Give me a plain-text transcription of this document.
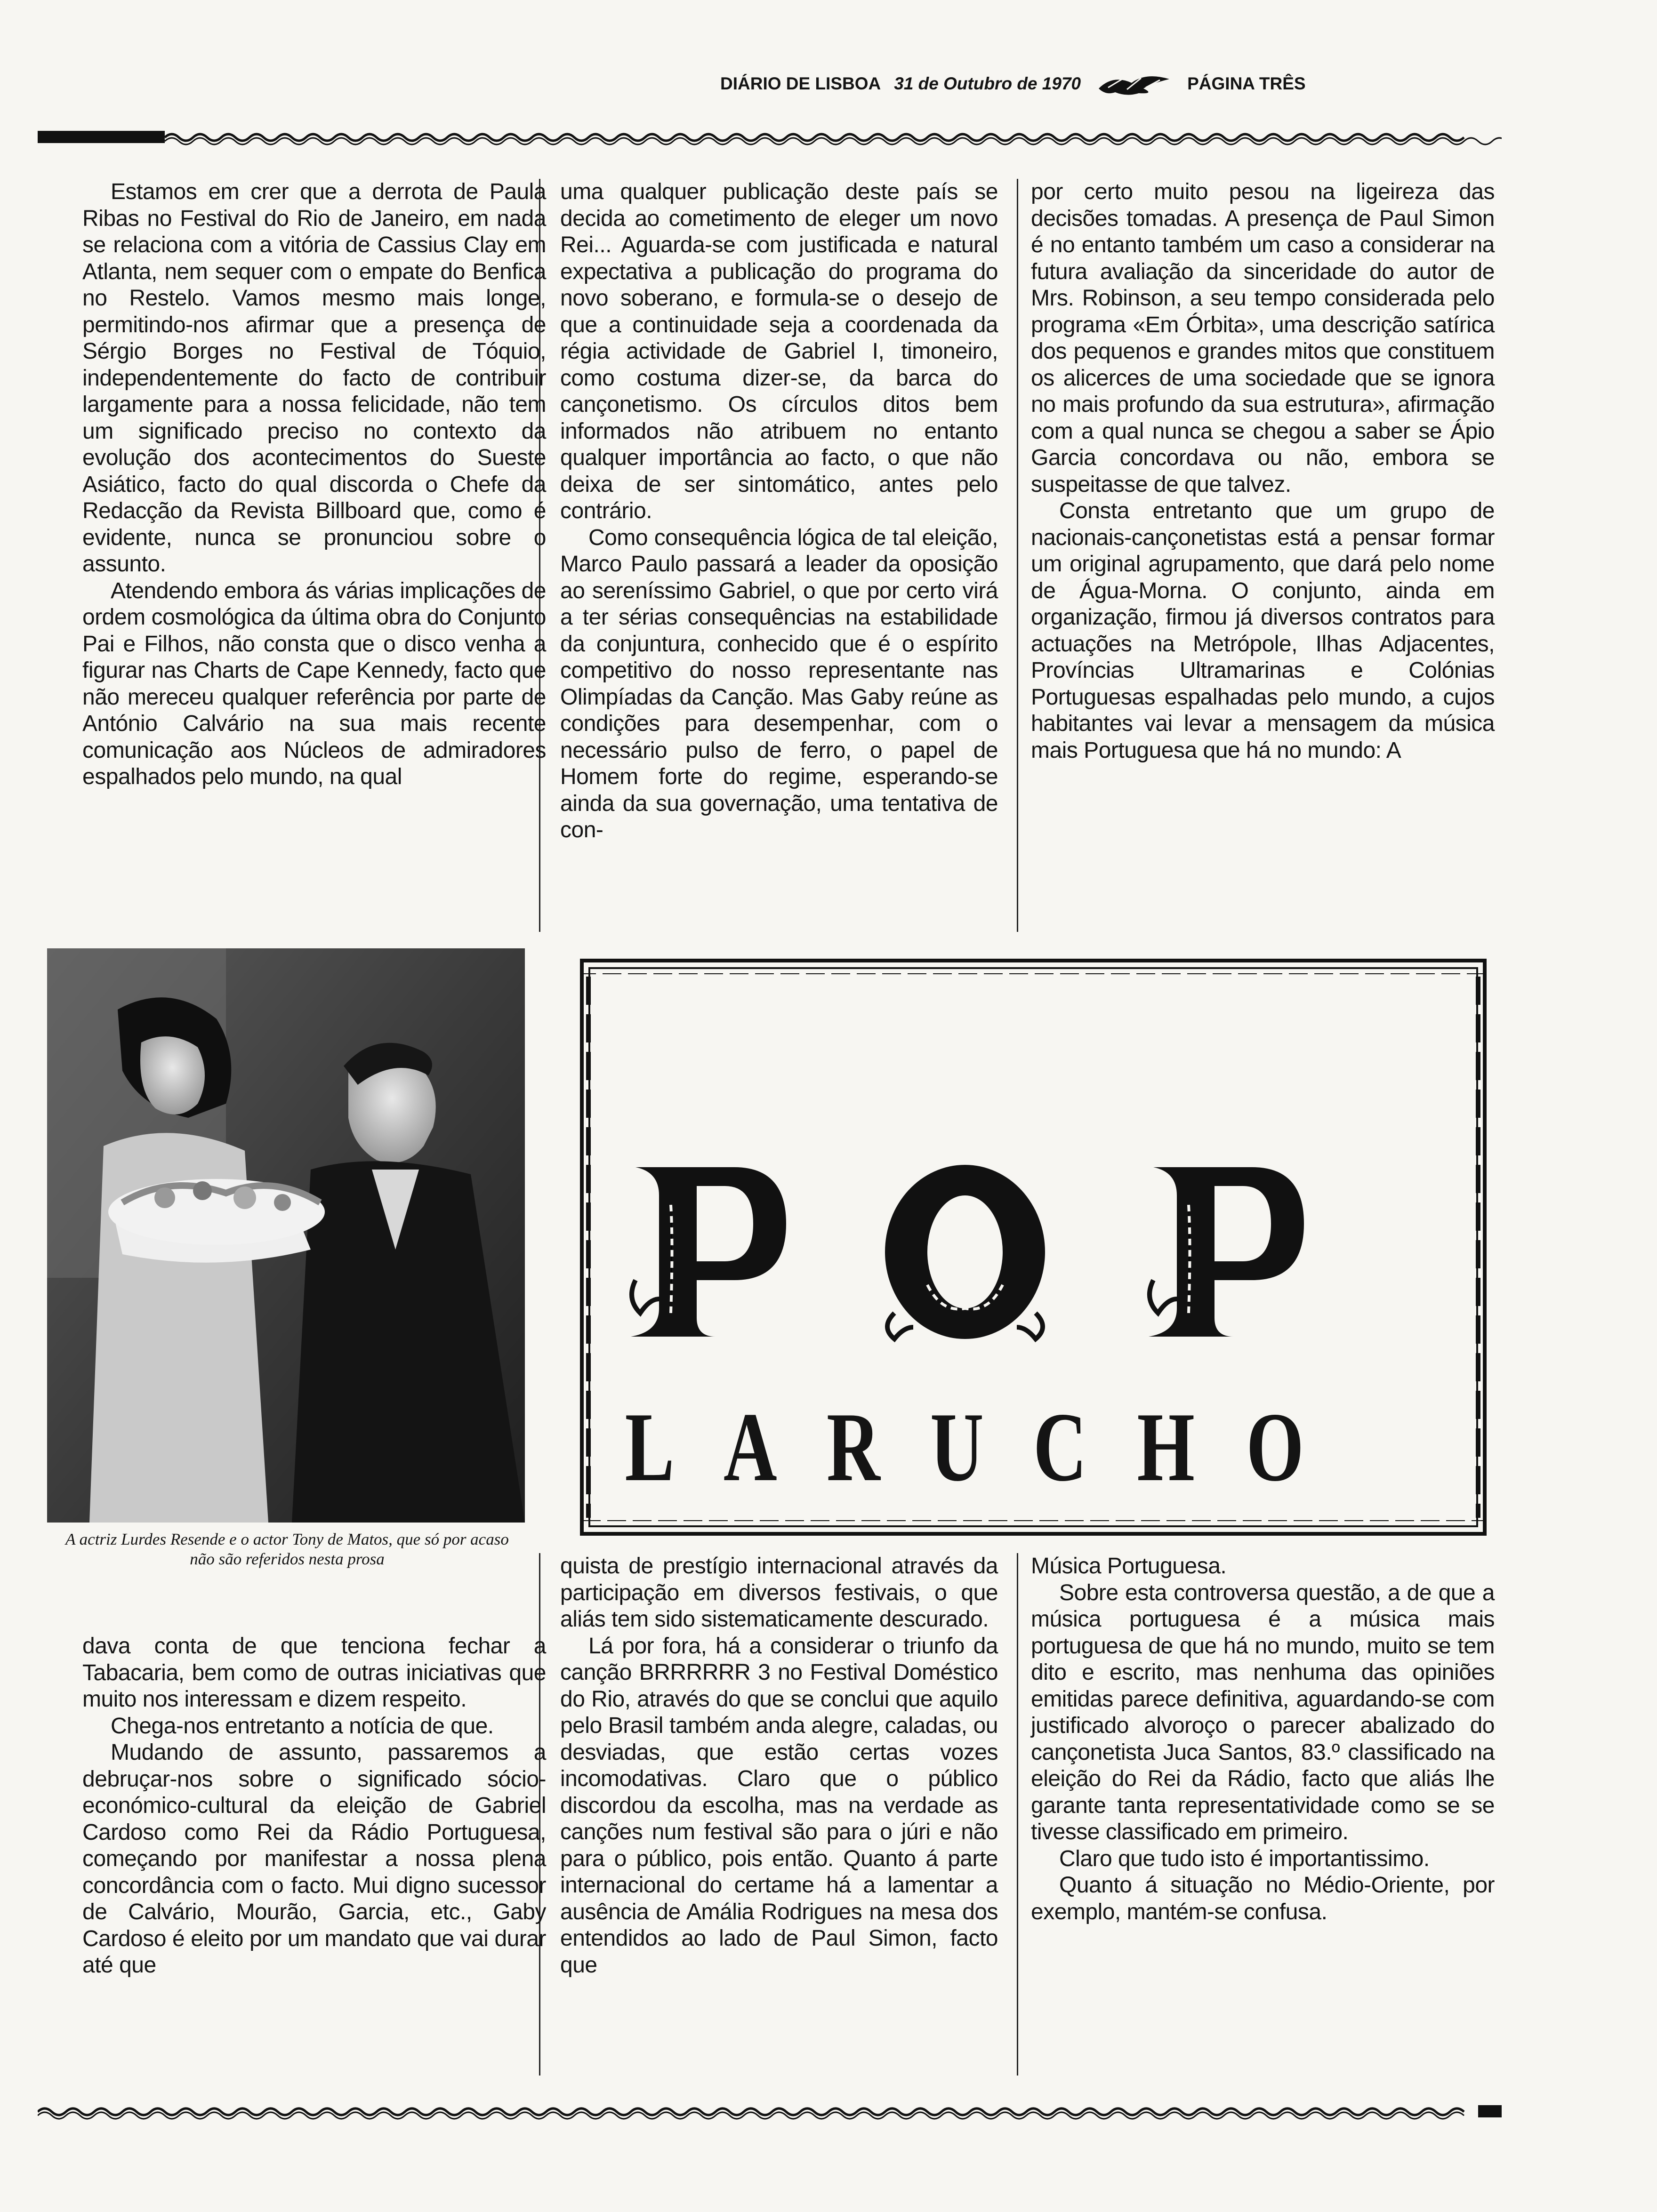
DIÁRIO DE LISBOA 31 de Outubro de 1970	PÁGINA TRÊS

Estamos em crer que a derrota de Paula Ribas no Festival do Rio de Janeiro, em nada se relaciona com a vitória de Cassius Clay em Atlanta, nem sequer com o empate do Benfica no Restelo. Vamos mesmo mais longe, permitindo-nos afirmar que a presença de Sérgio Borges no Festival de Tóquio, independentemente do facto de contribuir largamente para a nossa felicidade, não tem um significado preciso no contexto da evolução dos acontecimentos do Sueste Asiático, facto do qual discorda o Chefe da Redacção da Revista Billboard que, como é evidente, nunca se pronunciou sobre o assunto.

Atendendo embora ás várias implicações de ordem cosmológica da última obra do Conjunto Pai e Filhos, não consta que o disco venha a figurar nas Charts de Cape Kennedy, facto que não mereceu qualquer referência por parte de António Calvário na sua mais recente comunicação aos Núcleos de admiradores espalhados pelo mundo, na qual

uma qualquer publicação deste país se decida ao cometimento de eleger um novo Rei... Aguarda-se com justificada e natural expectativa a publicação do programa do novo soberano, e formula-se o desejo de que a continuidade seja a coordenada da régia actividade de Gabriel I, timoneiro, como costuma dizer-se, da barca do cançonetismo. Os círculos ditos bem informados não atribuem no entanto qualquer importância ao facto, o que não deixa de ser sintomático, antes pelo contrário.

Como consequência lógica de tal eleição, Marco Paulo passará a leader da oposição ao sereníssimo Gabriel, o que por certo virá a ter sérias consequências na estabilidade da conjuntura, conhecido que é o espírito competitivo do nosso representante nas Olimpíadas da Canção. Mas Gaby reúne as condições para desempenhar, com o necessário pulso de ferro, o papel de Homem forte do regime, esperando-se ainda da sua governação, uma tentativa de con-

por certo muito pesou na ligeireza das decisões tomadas. A presença de Paul Simon é no entanto também um caso a considerar na futura avaliação da sinceridade do autor de Mrs. Robinson, a seu tempo considerada pelo programa «Em Órbita», uma descrição satírica dos pequenos e grandes mitos que constituem os alicerces de uma sociedade que se ignora no mais profundo da sua estrutura», afirmação com a qual nunca se chegou a saber se Ápio Garcia concordava ou não, embora se suspeitasse de que talvez.

Consta entretanto que um grupo de nacionais-cançonetistas está a pensar formar um original agrupamento, que dará pelo nome de Água-Morna. O conjunto, ainda em organização, firmou já diversos contratos para actuações na Metrópole, Ilhas Adjacentes, Províncias Ultramarinas e Colónias Portuguesas espalhadas pelo mundo, a cujos habitantes vai levar a mensagem da música mais Portuguesa que há no mundo: A

A actriz Lurdes Resende e o actor Tony de Matos, que só por acaso não são referidos nesta prosa
L A R U C H O

dava conta de que tenciona fechar a Tabacaria, bem como de outras iniciativas que muito nos interessam e dizem respeito.

Chega-nos entretanto a notícia de que.

Mudando de assunto, passaremos a debruçar-nos sobre o significado sócio-económico-cultural da eleição de Gabriel Cardoso como Rei da Rádio Portuguesa, começando por manifestar a nossa plena concordância com o facto. Mui digno sucessor de Calvário, Mourão, Garcia, etc., Gaby Cardoso é eleito por um mandato que vai durar até que

quista de prestígio internacional através da participação em diversos festivais, o que aliás tem sido sistematicamente descurado.

Lá por fora, há a considerar o triunfo da canção BRRRRRR 3 no Festival Doméstico do Rio, através do que se conclui que aquilo pelo Brasil também anda alegre, caladas, ou desviadas, que estão certas vozes incomodativas. Claro que o público discordou da escolha, mas na verdade as canções num festival são para o júri e não para o público, pois então. Quanto á parte internacional do certame há a lamentar a ausência de Amália Rodrigues na mesa dos entendidos ao lado de Paul Simon, facto que

Música Portuguesa.

Sobre esta controversa questão, a de que a música portuguesa é a música mais portuguesa de que há no mundo, muito se tem dito e escrito, mas nenhuma das opiniões emitidas parece definitiva, aguardando-se com justificado alvoroço o parecer abalizado do cançonetista Juca Santos, 83.º classificado na eleição do Rei da Rádio, facto que aliás lhe garante tanta representatividade como se se tivesse classificado em primeiro.

Claro que tudo isto é importantissimo.

Quanto á situação no Médio-Oriente, por exemplo, mantém-se confusa.
